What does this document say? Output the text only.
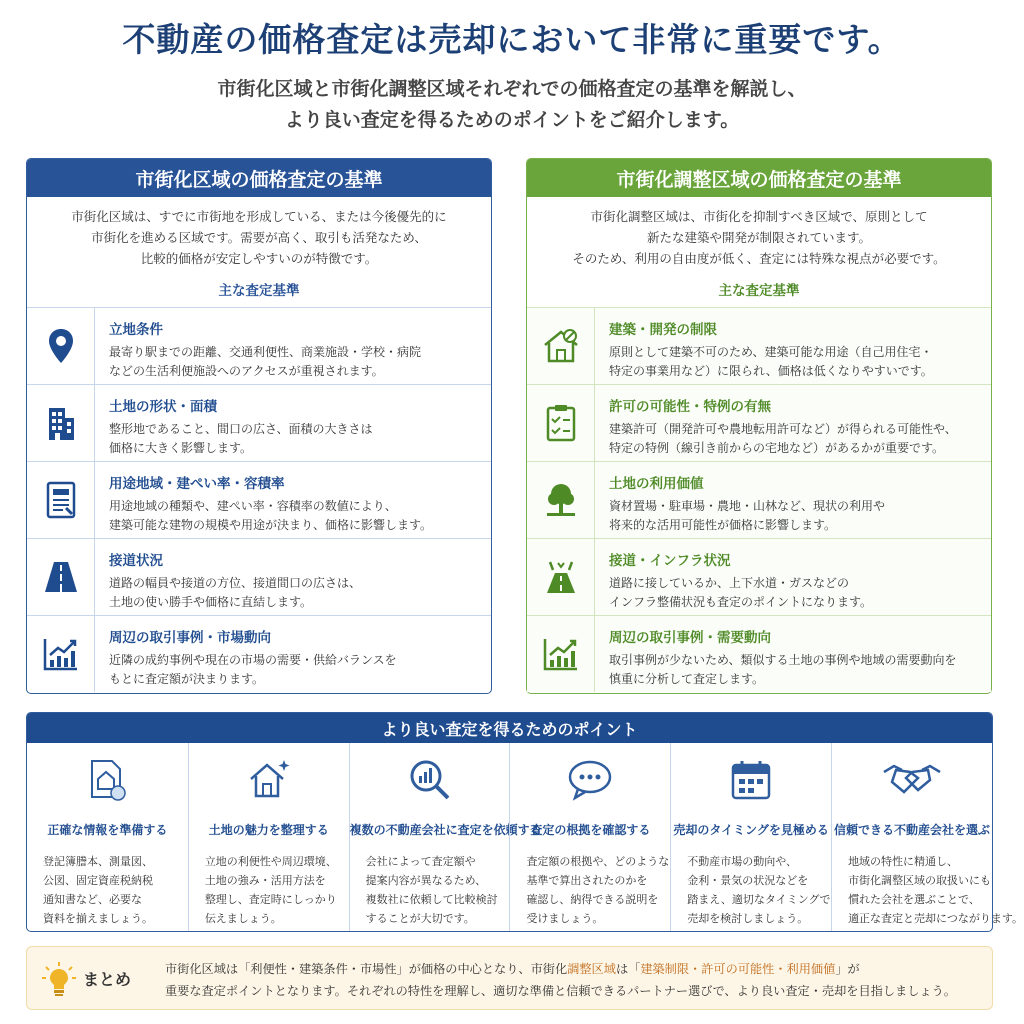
不動産の価格査定は売却において非常に重要です。
市街化区域と市街化調整区域それぞれでの価格査定の基準を解説し、
より良い査定を得るためのポイントをご紹介します。
市街化区域の価格査定の基準
市街化区域は、すでに市街地を形成している、または今後優先的に
市街化を進める区域です。需要が高く、取引も活発なため、
比較的価格が安定しやすいのが特徴です。
主な査定基準
立地条件
最寄り駅までの距離、交通利便性、商業施設・学校・病院
などの生活利便施設へのアクセスが重視されます。
土地の形状・面積
整形地であること、間口の広さ、面積の大きさは
価格に大きく影響します。
用途地域・建ぺい率・容積率
用途地域の種類や、建ぺい率・容積率の数値により、
建築可能な建物の規模や用途が決まり、価格に影響します。
接道状況
道路の幅員や接道の方位、接道間口の広さは、
土地の使い勝手や価格に直結します。
周辺の取引事例・市場動向
近隣の成約事例や現在の市場の需要・供給バランスを
もとに査定額が決まります。
市街化調整区域の価格査定の基準
市街化調整区域は、市街化を抑制すべき区域で、原則として
新たな建築や開発が制限されています。
そのため、利用の自由度が低く、査定には特殊な視点が必要です。
主な査定基準
建築・開発の制限
原則として建築不可のため、建築可能な用途（自己用住宅・
特定の事業用など）に限られ、価格は低くなりやすいです。
許可の可能性・特例の有無
建築許可（開発許可や農地転用許可など）が得られる可能性や、
特定の特例（線引き前からの宅地など）があるかが重要です。
土地の利用価値
資材置場・駐車場・農地・山林など、現状の利用や
将来的な活用可能性が価格に影響します。
接道・インフラ状況
道路に接しているか、上下水道・ガスなどの
インフラ整備状況も査定のポイントになります。
周辺の取引事例・需要動向
取引事例が少ないため、類似する土地の事例や地域の需要動向を
慎重に分析して査定します。
より良い査定を得るためのポイント
正確な情報を準備する
登記簿謄本、測量図、
公図、固定資産税納税
通知書など、必要な
資料を揃えましょう。
土地の魅力を整理する
立地の利便性や周辺環境、
土地の強み・活用方法を
整理し、査定時にしっかり
伝えましょう。
複数の不動産会社に査定を依頼する
会社によって査定額や
提案内容が異なるため、
複数社に依頼して比較検討
することが大切です。
査定の根拠を確認する
査定額の根拠や、どのような
基準で算出されたのかを
確認し、納得できる説明を
受けましょう。
売却のタイミングを見極める
不動産市場の動向や、
金利・景気の状況などを
踏まえ、適切なタイミングで
売却を検討しましょう。
信頼できる不動産会社を選ぶ
地域の特性に精通し、
市街化調整区域の取扱いにも
慣れた会社を選ぶことで、
適正な査定と売却につながります。
まとめ
市街化区域は「利便性・建築条件・市場性」が価格の中心となり、市街化調整区域は「建築制限・許可の可能性・利用価値」が
重要な査定ポイントとなります。それぞれの特性を理解し、適切な準備と信頼できるパートナー選びで、より良い査定・売却を目指しましょう。
